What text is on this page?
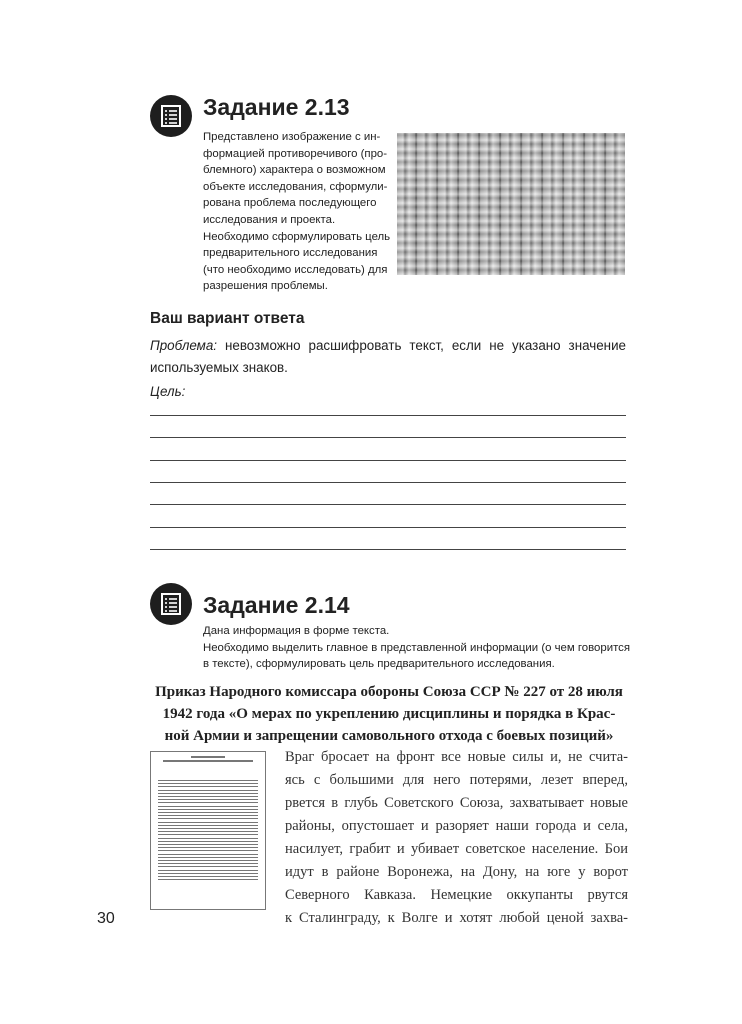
Задание 2.13

Представлено изображение с ин-

формацией противоречивого (про-

блемного) характера о возможном

объекте исследования, сформули-

рована проблема последующего

исследования и проекта.

Необходимо сформулировать цель

предварительного исследования

(что необходимо исследовать) для

разрешения проблемы.

Ваш вариант ответа
Проблема: невозможно расшифровать текст, если не указано значение используемых знаков.
Цель:
Задание 2.14

Дана информация в форме текста.

Необходимо выделить главное в представленной информации (о чем говорится

в тексте), сформулировать цель предварительного исследования.

Приказ Народного комиссара обороны Союза ССР № 227 от 28 июля
1942 года «О мерах по укреплению дисциплины и порядка в Крас-
ной Армии и запрещении самовольного отхода с боевых позиций»
Враг бросает на фронт все новые силы и, не счита-
ясь с большими для него потерями, лезет вперед,
рвется в глубь Советского Союза, захватывает новые
районы, опустошает и разоряет наши города и села,
насилует, грабит и убивает советское население. Бои
идут в районе Воронежа, на Дону, на юге у ворот
Северного Кавказа. Немецкие оккупанты рвутся
к Сталинграду, к Волге и хотят любой ценой захва-
30
